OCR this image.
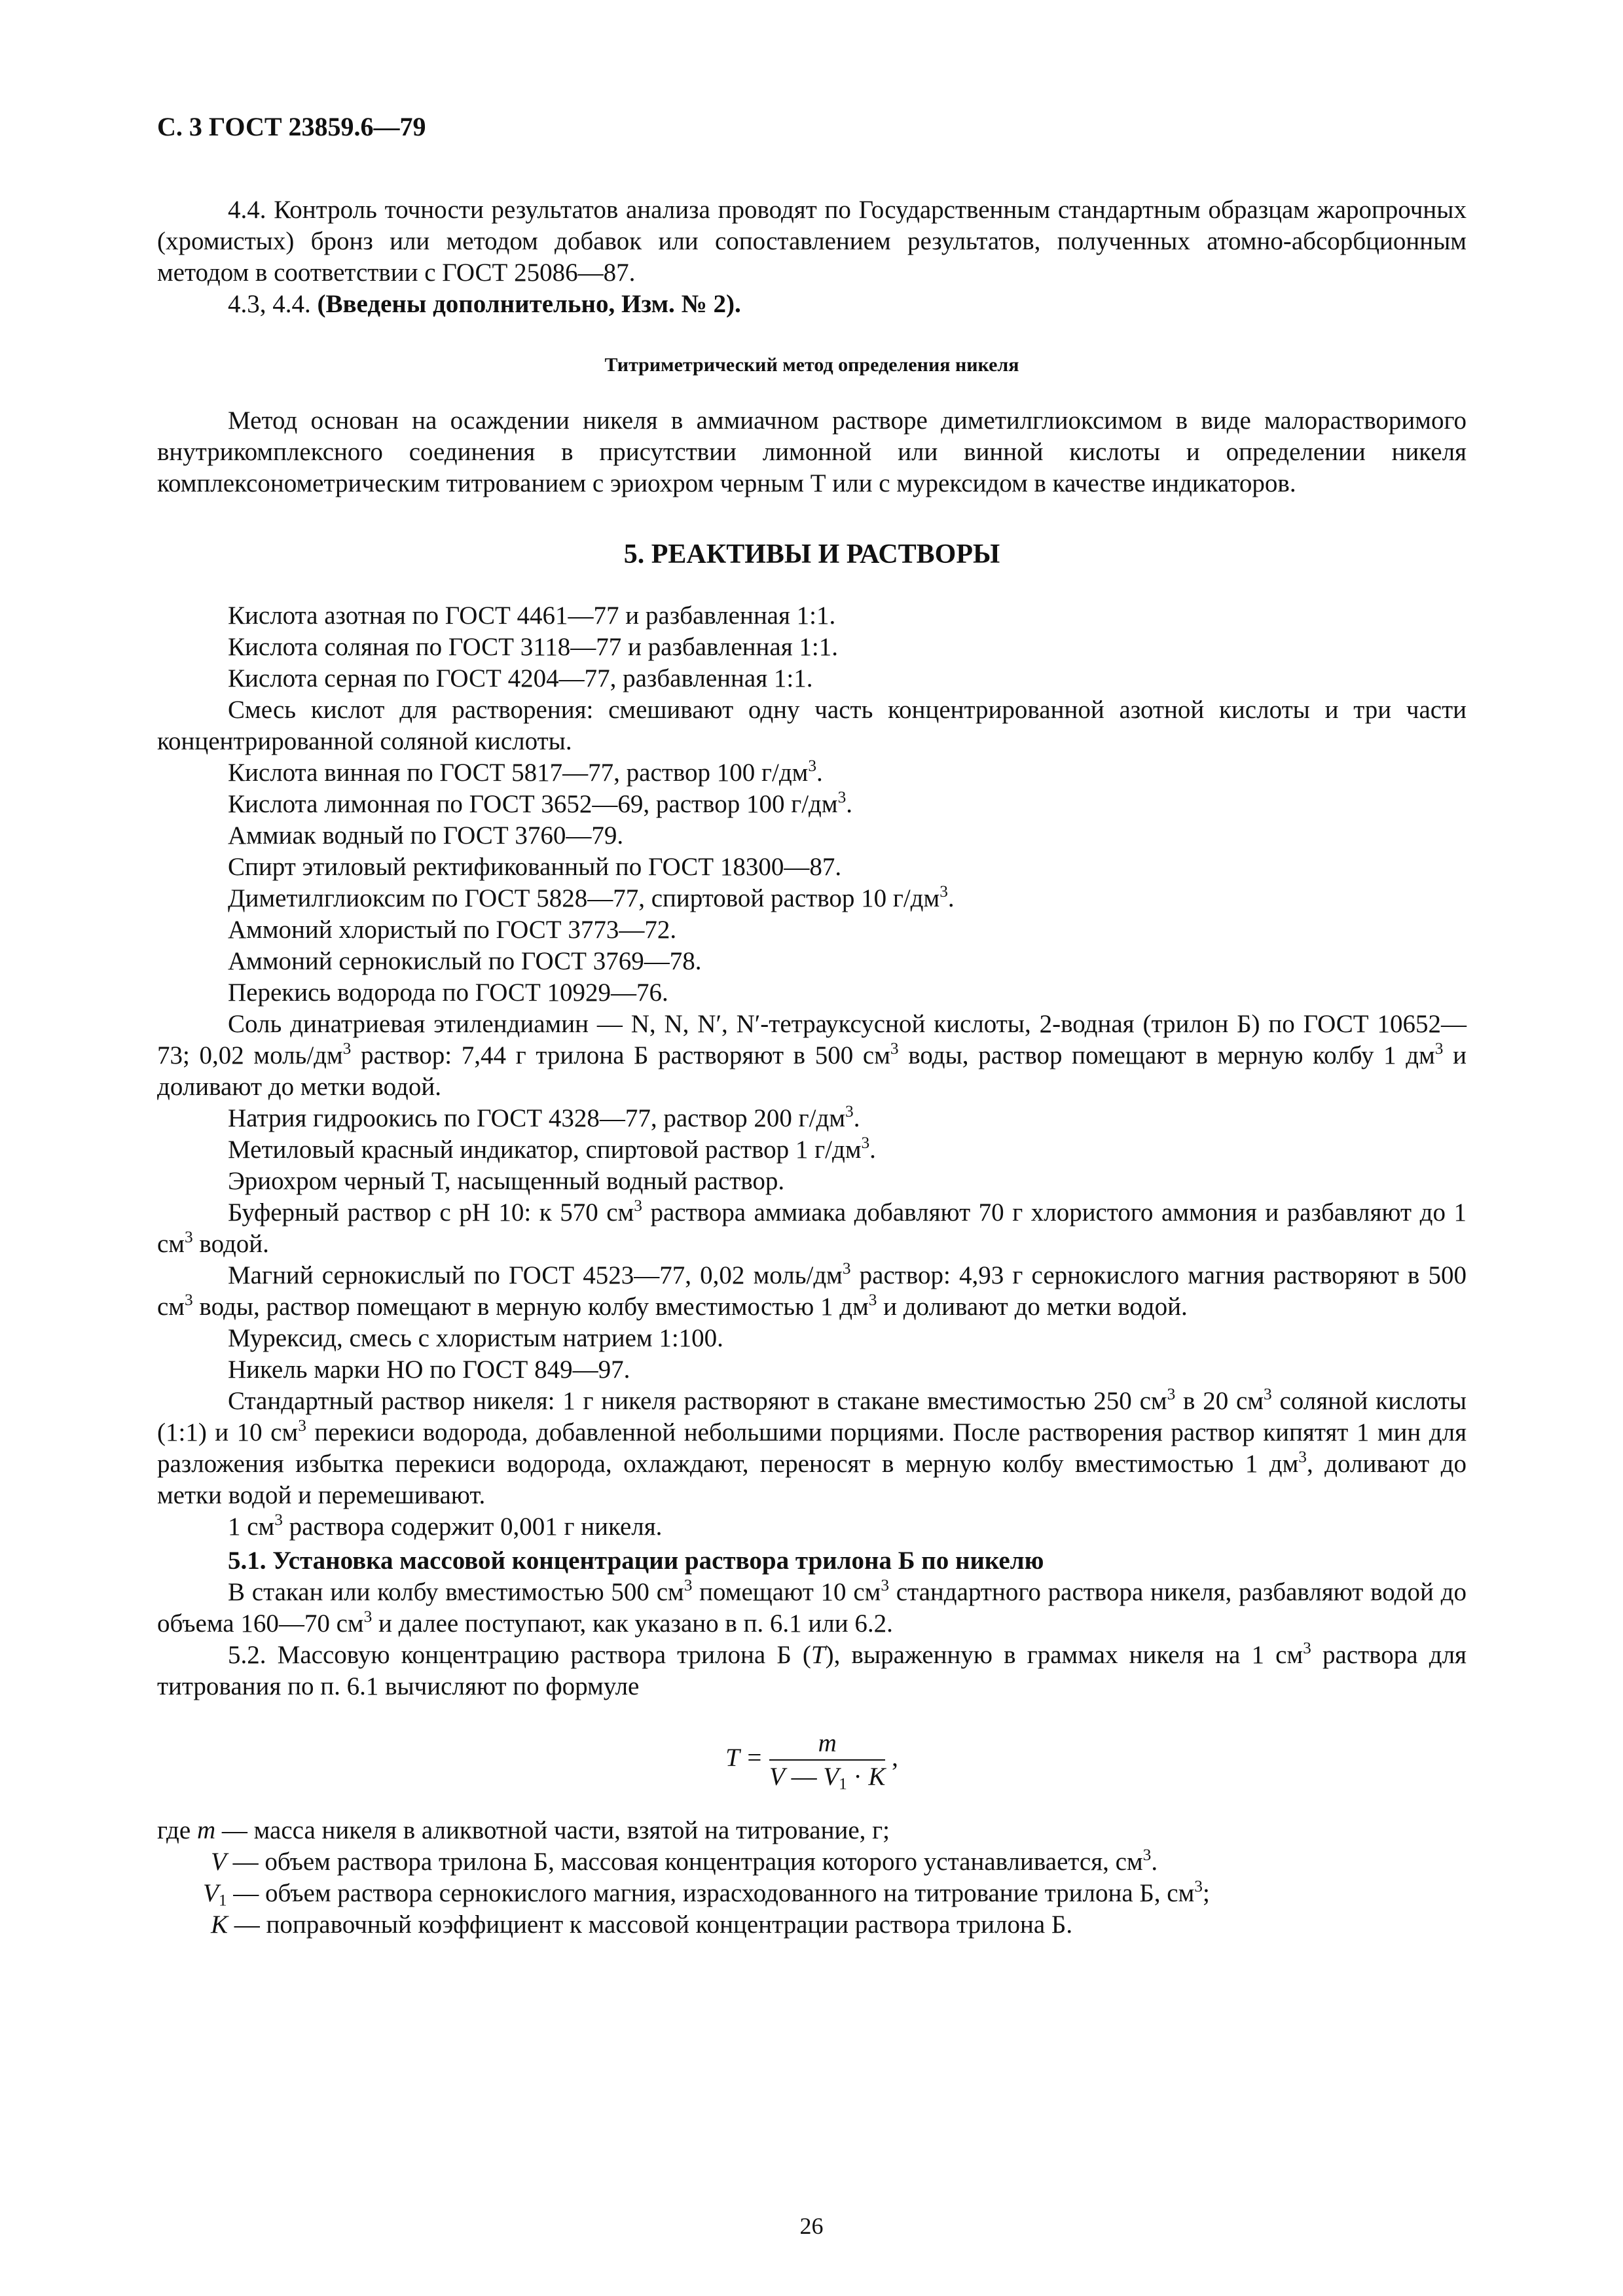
С. 3 ГОСТ 23859.6—79

4.4. Контроль точности результатов анализа проводят по Государственным стандартным образцам жаропрочных (хромистых) бронз или методом добавок или сопоставлением результатов, полученных атомно-абсорбционным методом в соответствии с ГОСТ 25086—87.

4.3, 4.4. (Введены дополнительно, Изм. № 2).

Титриметрический метод определения никеля

Метод основан на осаждении никеля в аммиачном растворе диметилглиоксимом в виде малорастворимого внутрикомплексного соединения в присутствии лимонной или винной кислоты и определении никеля комплексонометрическим титрованием с эриохром черным Т или с мурексидом в качестве индикаторов.

5. РЕАКТИВЫ И РАСТВОРЫ

Кислота азотная по ГОСТ 4461—77 и разбавленная 1:1.

Кислота соляная по ГОСТ 3118—77 и разбавленная 1:1.

Кислота серная по ГОСТ 4204—77, разбавленная 1:1.

Смесь кислот для растворения: смешивают одну часть концентрированной азотной кислоты и три части концентрированной соляной кислоты.

Кислота винная по ГОСТ 5817—77, раствор 100 $г/дм^3$.

Кислота лимонная по ГОСТ 3652—69, раствор 100 $г/дм^3$.

Аммиак водный по ГОСТ 3760—79.

Спирт этиловый ректификованный по ГОСТ 18300—87.

Диметилглиоксим по ГОСТ 5828—77, спиртовой раствор 10 $г/дм^3$.

Аммоний хлористый по ГОСТ 3773—72.

Аммоний сернокислый по ГОСТ 3769—78.

Перекись водорода по ГОСТ 10929—76.

Соль динатриевая этилендиамин — N, N, N′, N′-тетрауксусной кислоты, 2-водная (трилон Б) по ГОСТ 10652—73; 0,02 моль/$дм^3$ раствор: 7,44 г трилона Б растворяют в 500 $см^3$ воды, раствор помещают в мерную колбу 1 $дм^3$ и доливают до метки водой.

Натрия гидроокись по ГОСТ 4328—77, раствор 200 $г/дм^3$.

Метиловый красный индикатор, спиртовой раствор 1 $г/дм^3$.

Эриохром черный Т, насыщенный водный раствор.

Буферный раствор с рН 10: к 570 $см^3$ раствора аммиака добавляют 70 г хлористого аммония и разбавляют до 1 $см^3$ водой.

Магний сернокислый по ГОСТ 4523—77, 0,02 моль/$дм^3$ раствор: 4,93 г сернокислого магния растворяют в 500 $см^3$ воды, раствор помещают в мерную колбу вместимостью 1 $дм^3$ и доливают до метки водой.

Мурексид, смесь с хлористым натрием 1:100.

Никель марки НО по ГОСТ 849—97.

Стандартный раствор никеля: 1 г никеля растворяют в стакане вместимостью 250 $см^3$ в 20 $см^3$ соляной кислоты (1:1) и 10 $см^3$ перекиси водорода, добавленной небольшими порциями. После растворения раствор кипятят 1 мин для разложения избытка перекиси водорода, охлаждают, переносят в мерную колбу вместимостью 1 $дм^3$, доливают до метки водой и перемешивают.

1 $см^3$ раствора содержит 0,001 г никеля.

5.1. Установка массовой концентрации раствора трилона Б по никелю

В стакан или колбу вместимостью 500 $см^3$ помещают 10 $см^3$ стандартного раствора никеля, разбавляют водой до объема 160—70 $см^3$ и далее поступают, как указано в п. 6.1 или 6.2.

5.2. Массовую концентрацию раствора трилона Б (Т), выраженную в граммах никеля на 1 $см^3$ раствора для титрования по п. 6.1 вычисляют по формуле

$T = \frac{m}{V — V_1 \cdot K}$ ,

где m — масса никеля в аликвотной части, взятой на титрование, г;

V — объем раствора трилона Б, массовая концентрация которого устанавливается, $см^3$.

$V_1$ — объем раствора сернокислого магния, израсходованного на титрование трилона Б, $см^3$;

K — поправочный коэффициент к массовой концентрации раствора трилона Б.

26
